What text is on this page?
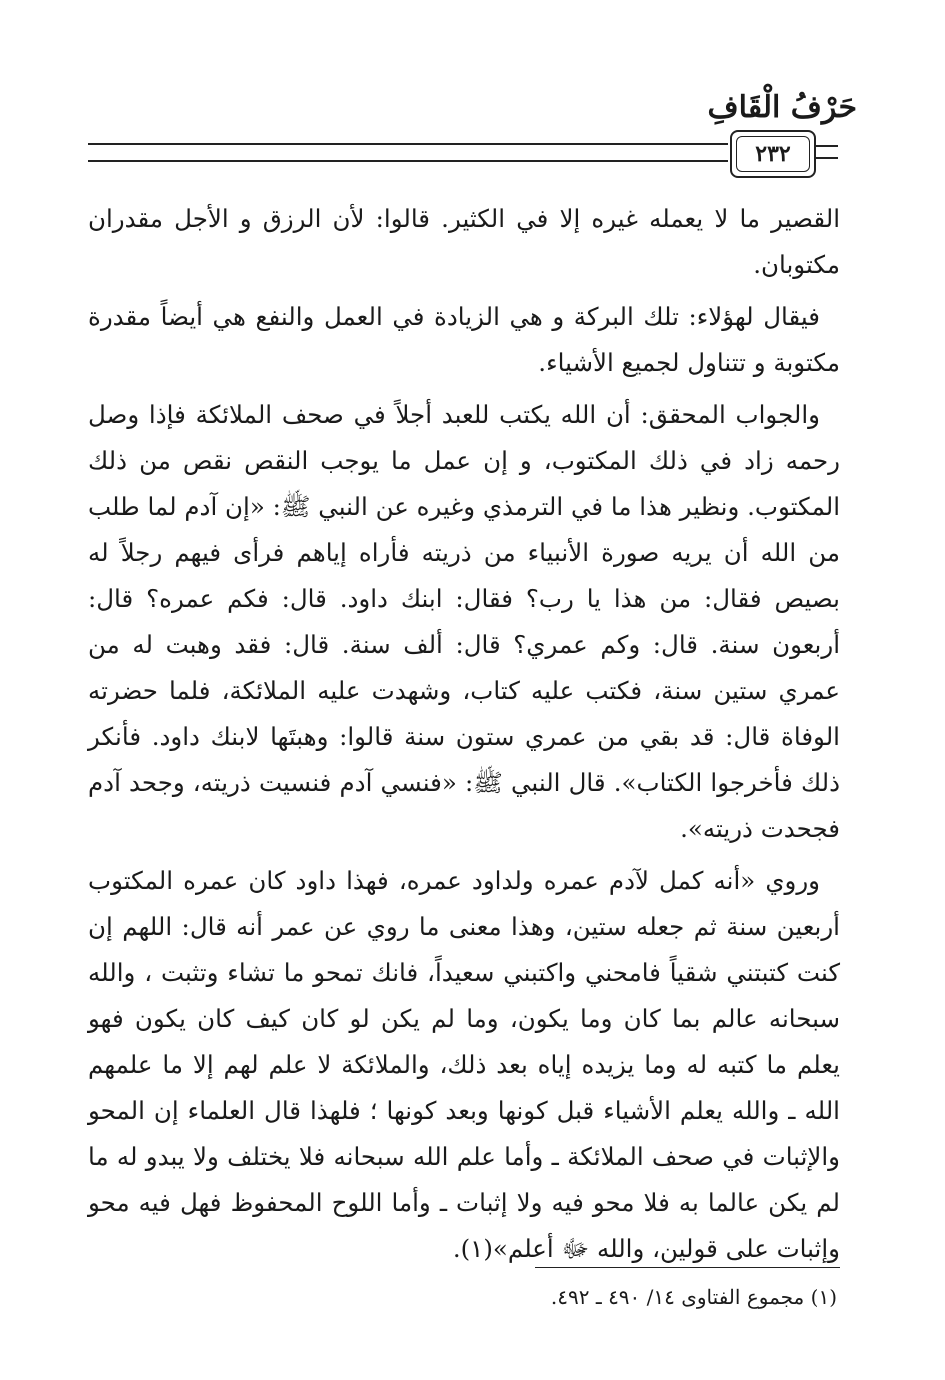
حَرْفُ الْقَافِ
٢٣٢

القصير ما لا يعمله غيره إلا في الكثير. قالوا: لأن الرزق و الأجل مقدران مكتوبان.

فيقال لهؤلاء: تلك البركة و هي الزيادة في العمل والنفع هي أيضاً مقدرة مكتوبة و تتناول لجميع الأشياء.

والجواب المحقق: أن الله يكتب للعبد أجلاً في صحف الملائكة فإذا وصل رحمه زاد في ذلك المكتوب، و إن عمل ما يوجب النقص نقص من ذلك المكتوب. ونظير هذا ما في الترمذي وغيره عن النبي ﷺ: «إن آدم لما طلب من الله أن يريه صورة الأنبياء من ذريته فأراه إياهم فرأى فيهم رجلاً له بصيص فقال: من هذا يا رب؟ فقال: ابنك داود. قال: فكم عمره؟ قال: أربعون سنة. قال: وكم عمري؟ قال: ألف سنة. قال: فقد وهبت له من عمري ستين سنة، فكتب عليه كتاب، وشهدت عليه الملائكة، فلما حضرته الوفاة قال: قد بقي من عمري ستون سنة قالوا: وهبتَها لابنك داود. فأنكر ذلك فأخرجوا الكتاب». قال النبي ﷺ: «فنسي آدم فنسيت ذريته، وجحد آدم فجحدت ذريته».

وروي «أنه كمل لآدم عمره ولداود عمره، فهذا داود كان عمره المكتوب أربعين سنة ثم جعله ستين، وهذا معنى ما روي عن عمر أنه قال: اللهم إن كنت كتبتني شقياً فامحني واكتبني سعيداً، فانك تمحو ما تشاء وتثبت ، والله سبحانه عالم بما كان وما يكون، وما لم يكن لو كان كيف كان يكون فهو يعلم ما كتبه له وما يزيده إياه بعد ذلك، والملائكة لا علم لهم إلا ما علمهم الله ـ والله يعلم الأشياء قبل كونها وبعد كونها ؛ فلهذا قال العلماء إن المحو والإثبات في صحف الملائكة ـ وأما علم الله سبحانه فلا يختلف ولا يبدو له ما لم يكن عالما به فلا محو فيه ولا إثبات ـ وأما اللوح المحفوظ فهل فيه محو وإثبات على قولين، والله ﷻ أعلم»(١).

(١) مجموع الفتاوى ١٤/ ٤٩٠ ـ ٤٩٢.
